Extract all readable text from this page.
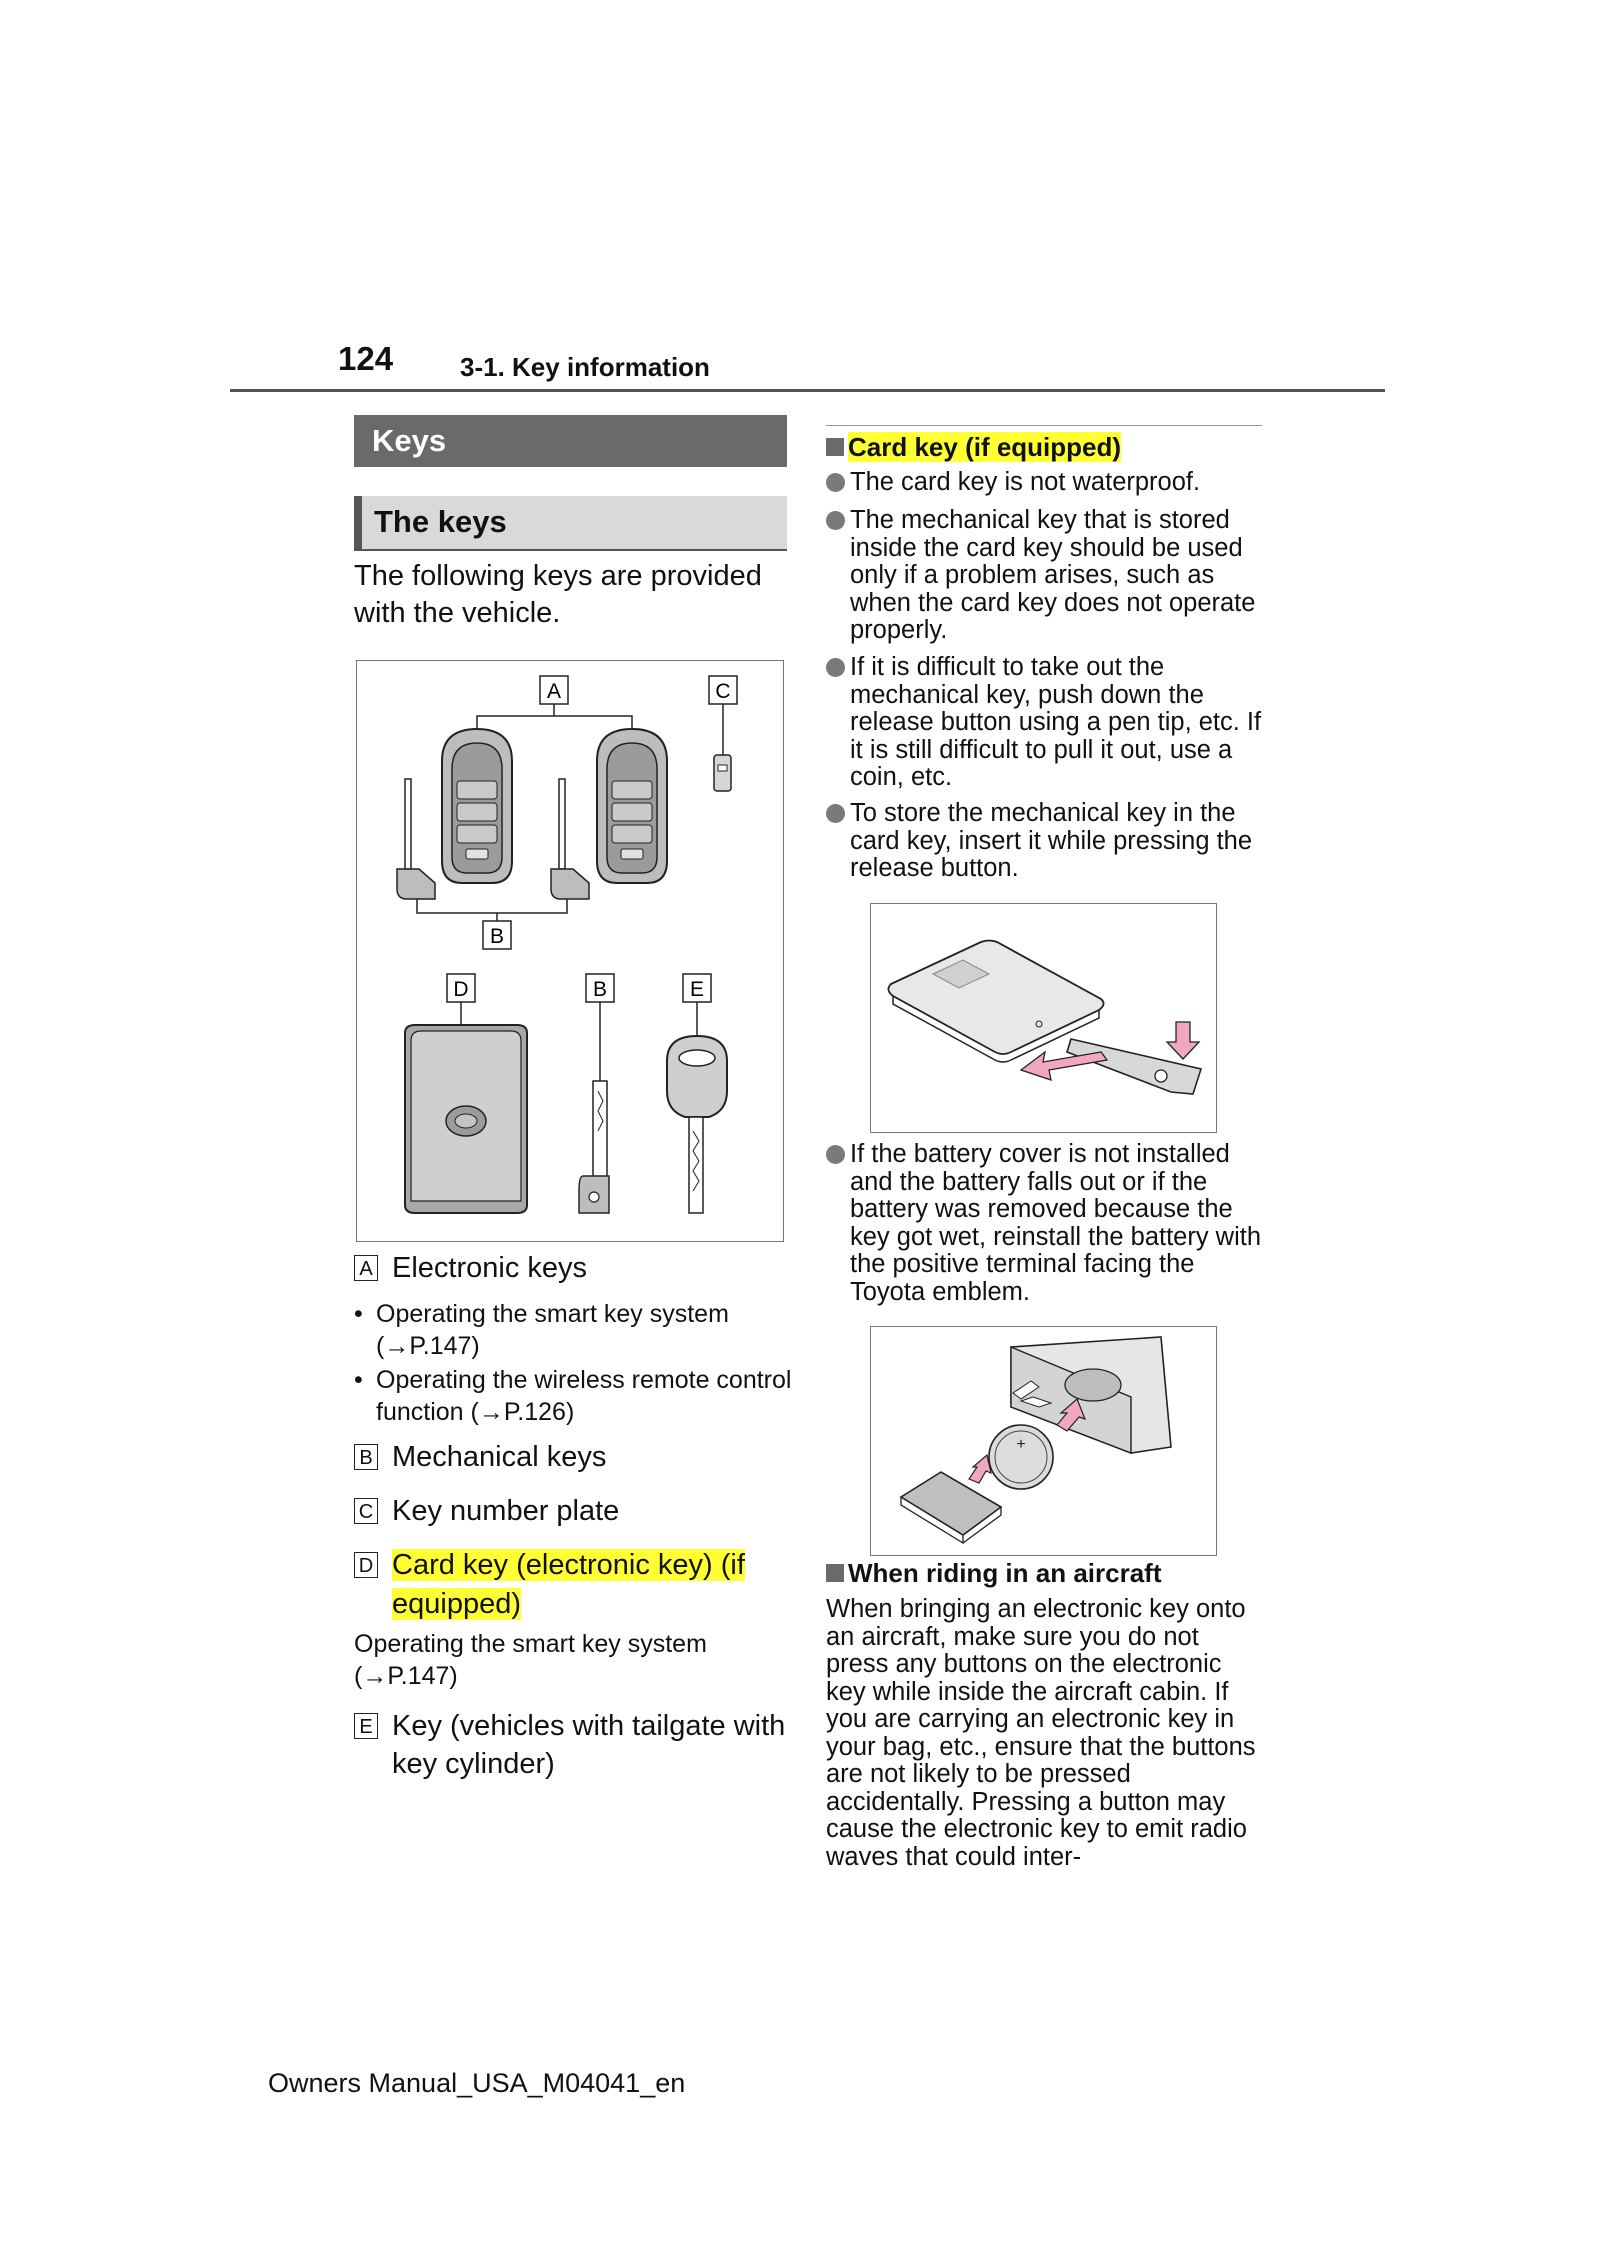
124	3-1. Key information
Keys
The keys
The following keys are provided with the vehicle.
A	C
B
D	B	E
A Electronic keys
• Operating the smart key system (→P.147)
• Operating the wireless remote control function (→P.126)
B Mechanical keys
C Key number plate
D Card key (electronic key) (if equipped)
Operating the smart key system (→P.147)
E Key (vehicles with tailgate with key cylinder)
Card key (if equipped)
The card key is not waterproof.
The mechanical key that is stored inside the card key should be used only if a problem arises, such as when the card key does not operate properly.
If it is difficult to take out the mechanical key, push down the release button using a pen tip, etc. If it is still difficult to pull it out, use a coin, etc.
To store the mechanical key in the card key, insert it while pressing the release button.
If the battery cover is not installed and the battery falls out or if the battery was removed because the key got wet, reinstall the battery with the positive terminal facing the Toyota emblem.
+
When riding in an aircraft
When bringing an electronic key onto an aircraft, make sure you do not press any buttons on the electronic key while inside the aircraft cabin. If you are carrying an electronic key in your bag, etc., ensure that the buttons are not likely to be pressed accidentally. Pressing a button may cause the electronic key to emit radio waves that could inter-
Owners Manual_USA_M04041_en
